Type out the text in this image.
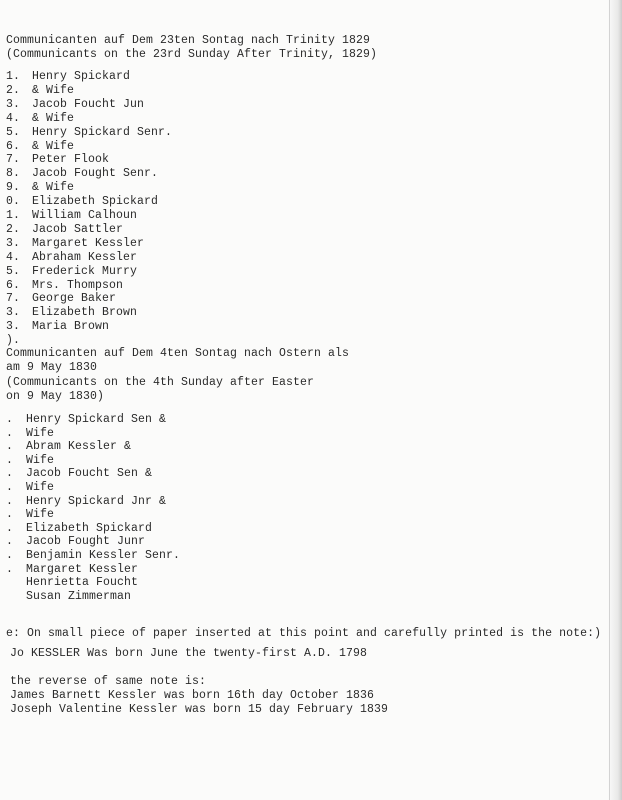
Communicanten auf Dem 23ten Sontag nach Trinity 1829
(Communicants on the 23rd Sunday After Trinity, 1829)
Communicanten auf Dem 4ten Sontag nach Ostern als
am 9 May 1830
(Communicants on the 4th Sunday after Easter
on 9 May 1830)
e: On small piece of paper inserted at this point and carefully printed is the note:)
Jo KESSLER Was born June the twenty-first A.D. 1798
the reverse of same note is:
James Barnett Kessler was born 16th day October 1836
Joseph Valentine Kessler was born 15 day February 1839
1. Henry Spickard
2. & Wife
3. Jacob Foucht Jun
4. & Wife
5. Henry Spickard Senr.
6. & Wife
7. Peter Flook
8. Jacob Fought Senr.
9. & Wife
0. Elizabeth Spickard
1. William Calhoun
2. Jacob Sattler
3. Margaret Kessler
4. Abraham Kessler
5. Frederick Murry
6. Mrs. Thompson
7. George Baker
3. Elizabeth Brown
3. Maria Brown
).
. Henry Spickard Sen &
. Wife
. Abram Kessler &
. Wife
. Jacob Foucht Sen &
. Wife
. Henry Spickard Jnr &
. Wife
. Elizabeth Spickard
. Jacob Fought Junr
. Benjamin Kessler Senr.
. Margaret Kessler
Henrietta Foucht
Susan Zimmerman
